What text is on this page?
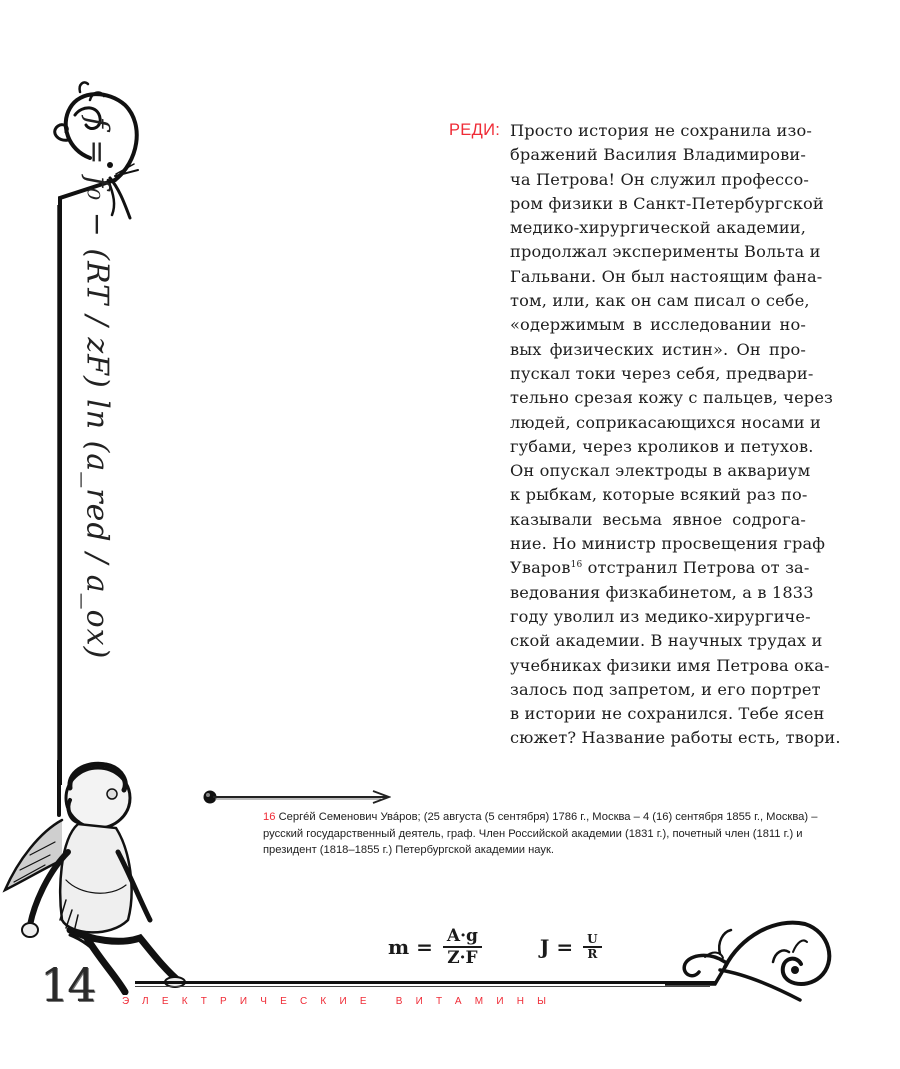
f = f₀ − (RT / zF) ln (a_red / a_ox)	РЕДИ: Просто история не сохранила изо-
бражений Василия Владимирови-
ча Петрова! Он служил профессо-
ром физики в Санкт-Петербургской
медико-хирургической академии,
продолжал эксперименты Вольта и
Гальвани. Он был настоящим фана-
том, или, как он сам писал о себе,
«одержимым в исследовании но-
вых физических истин». Он про-
пускал токи через себя, предвари-
тельно срезая кожу с пальцев, через
людей, соприкасающихся носами и
губами, через кроликов и петухов.
Он опускал электроды в аквариум
к рыбкам, которые всякий раз по-
казывали весьма явное содрога-
ние. Но министр просвещения граф
Уваров$^{16}$ отстранил Петрова от за-
ведования физкабинетом, а в 1833
году уволил из медико-хирургиче-
ской академии. В научных трудах и
учебниках физики имя Петрова ока-
залось под запретом, и его портрет
в истории не сохранился. Тебе ясен
сюжет? Название работы есть, твори.
16 Сергéй Семенович Увáров; (25 августа (5 сентября) 1786 г., Москва – 4 (16) сентября 1855 г., Москва) –
русский государственный деятель, граф. Член Российской академии (1831 г.), почетный член (1811 г.) и
президент (1818–1855 г.) Петербургской академии наук.
14
$m = \frac{A\cdot g}{Z\cdot F}$	$J = \frac{U}{R}$
ЭЛЕКТРИЧЕСКИЕ ВИТАМИНЫ
